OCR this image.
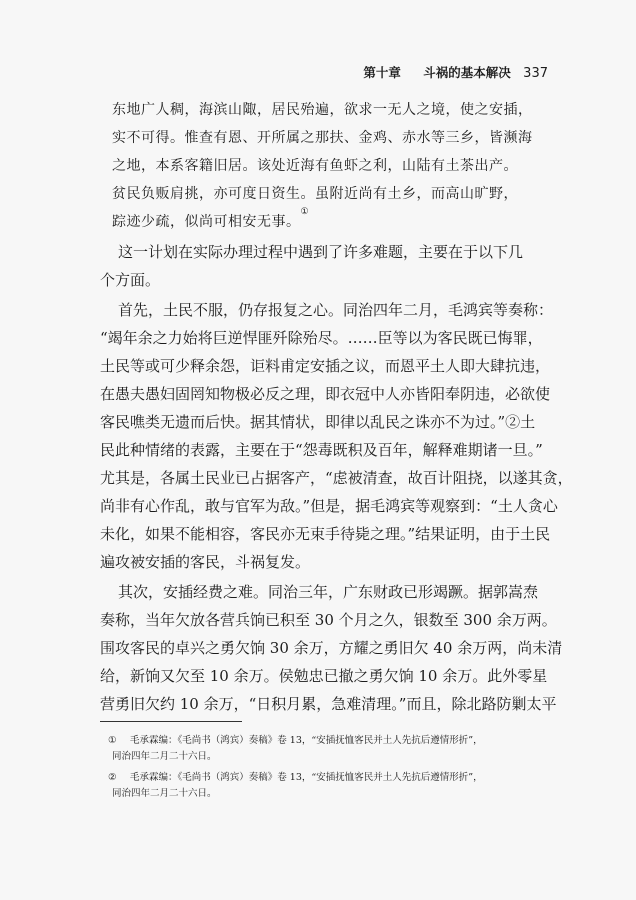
第十章 斗祸的基本解决 337
东地广人稠，海滨山陬，居民殆遍，欲求一无人之境，使之安插，
实不可得。惟查有恩、开所属之那扶、金鸡、赤水等三乡，皆濒海
之地，本系客籍旧居。该处近海有鱼虾之利，山陆有土茶出产。
贫民负贩肩挑，亦可度日资生。虽附近尚有土乡，而高山旷野，
踪迹少疏，似尚可相安无事。①
这一计划在实际办理过程中遇到了许多难题，主要在于以下几
个方面。
首先，土民不服，仍存报复之心。同治四年二月，毛鸿宾等奏称：
“竭年余之力始将巨逆悍匪歼除殆尽。……臣等以为客民既已悔罪，
土民等或可少释余怨，讵料甫定安插之议，而恩平土人即大肆抗违，
在愚夫愚妇固罔知物极必反之理，即衣冠中人亦皆阳奉阴违，必欲使
客民噍类无遗而后快。据其情状，即律以乱民之诛亦不为过。”②土
民此种情绪的表露，主要在于“怨毒既积及百年，解释难期诸一旦。”
尤其是，各属土民业已占据客产，“虑被清查，故百计阻挠，以遂其贪，
尚非有心作乱，敢与官军为敌。”但是，据毛鸿宾等观察到：“土人贪心
未化，如果不能相容，客民亦无束手待毙之理。”结果证明，由于土民
遍攻被安插的客民，斗祸复发。
其次，安插经费之难。同治三年，广东财政已形竭蹶。据郭嵩焘
奏称，当年欠放各营兵饷已积至 30 个月之久，银数至 300 余万两。
围攻客民的卓兴之勇欠饷 30 余万，方耀之勇旧欠 40 余万两，尚未清
给，新饷又欠至 10 余万。侯勉忠已撤之勇欠饷 10 余万。此外零星
营勇旧欠约 10 余万，“日积月累，急难清理。”而且，除北路防剿太平
① 毛承霖编：《毛尚书（鸿宾）奏稿》卷 13，“安插抚恤客民并土人先抗后遵情形折”，
同治四年二月二十六日。
② 毛承霖编：《毛尚书（鸿宾）奏稿》卷 13，“安插抚恤客民并土人先抗后遵情形折”，
同治四年二月二十六日。
